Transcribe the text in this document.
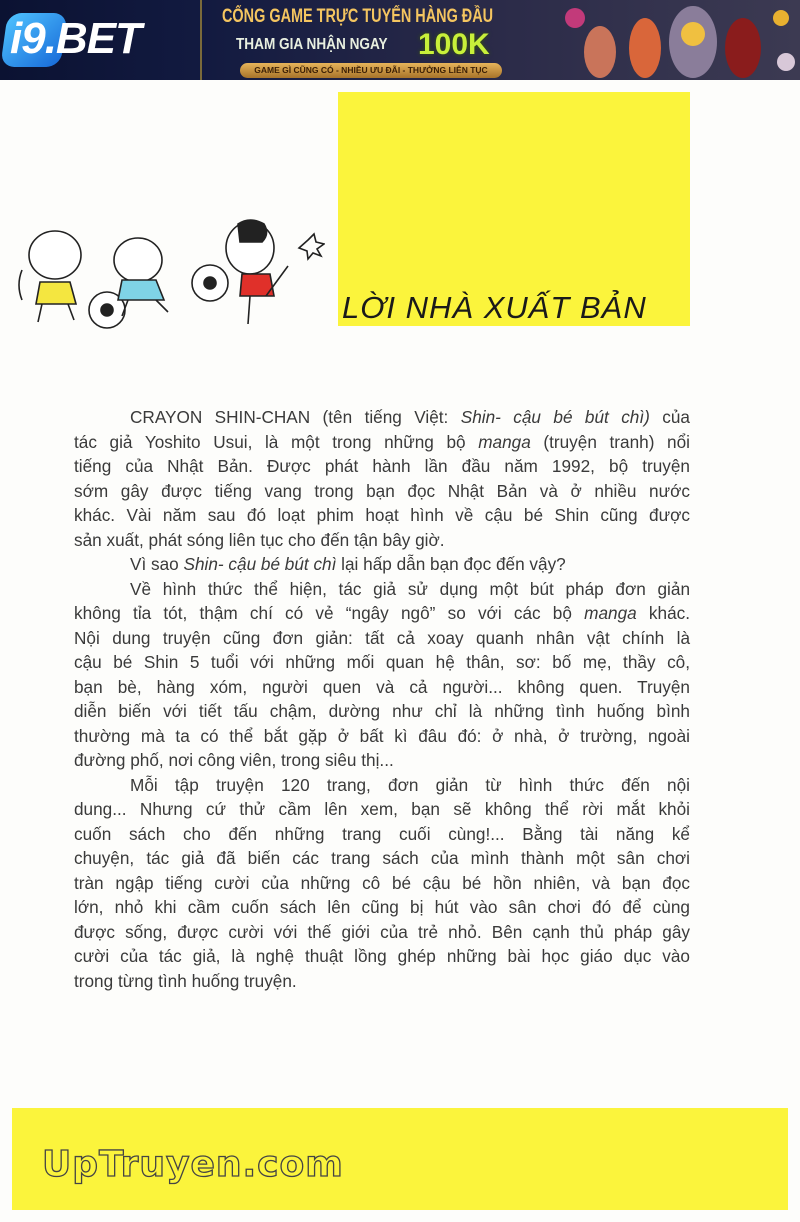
i9.BET	CỔNG GAME TRỰC TUYẾN HÀNG ĐẦU
THAM GIA NHẬN NGAY 100K
GAME GÌ CŨNG CÓ - NHIỀU ƯU ĐÃI - THƯỞNG LIÊN TỤC
LỜI NHÀ XUẤT BẢN
CRAYON SHIN-CHAN (tên tiếng Việt: Shin- cậu bé bút chì) của
tác giả Yoshito Usui, là một trong những bộ manga (truyện tranh) nổi
tiếng của Nhật Bản. Được phát hành lần đầu năm 1992, bộ truyện
sớm gây được tiếng vang trong bạn đọc Nhật Bản và ở nhiều nước
khác. Vài năm sau đó loạt phim hoạt hình về cậu bé Shin cũng được
sản xuất, phát sóng liên tục cho đến tận bây giờ.
Vì sao Shin- cậu bé bút chì lại hấp dẫn bạn đọc đến vậy?
Về hình thức thể hiện, tác giả sử dụng một bút pháp đơn giản
không tỉa tót, thậm chí có vẻ “ngây ngô” so với các bộ manga khác.
Nội dung truyện cũng đơn giản: tất cả xoay quanh nhân vật chính là
cậu bé Shin 5 tuổi với những mối quan hệ thân, sơ: bố mẹ, thầy cô,
bạn bè, hàng xóm, người quen và cả người... không quen. Truyện
diễn biến với tiết tấu chậm, dường như chỉ là những tình huống bình
thường mà ta có thể bắt gặp ở bất kì đâu đó: ở nhà, ở trường, ngoài
đường phố, nơi công viên, trong siêu thị...
Mỗi tập truyện 120 trang, đơn giản từ hình thức đến nội
dung... Nhưng cứ thử cầm lên xem, bạn sẽ không thể rời mắt khỏi
cuốn sách cho đến những trang cuối cùng!... Bằng tài năng kể
chuyện, tác giả đã biến các trang sách của mình thành một sân chơi
tràn ngập tiếng cười của những cô bé cậu bé hồn nhiên, và bạn đọc
lớn, nhỏ khi cầm cuốn sách lên cũng bị hút vào sân chơi đó để cùng
được sống, được cười với thế giới của trẻ nhỏ. Bên cạnh thủ pháp gây
cười của tác giả, là nghệ thuật lồng ghép những bài học giáo dục vào
trong từng tình huống truyện.
UpTruyen.com
